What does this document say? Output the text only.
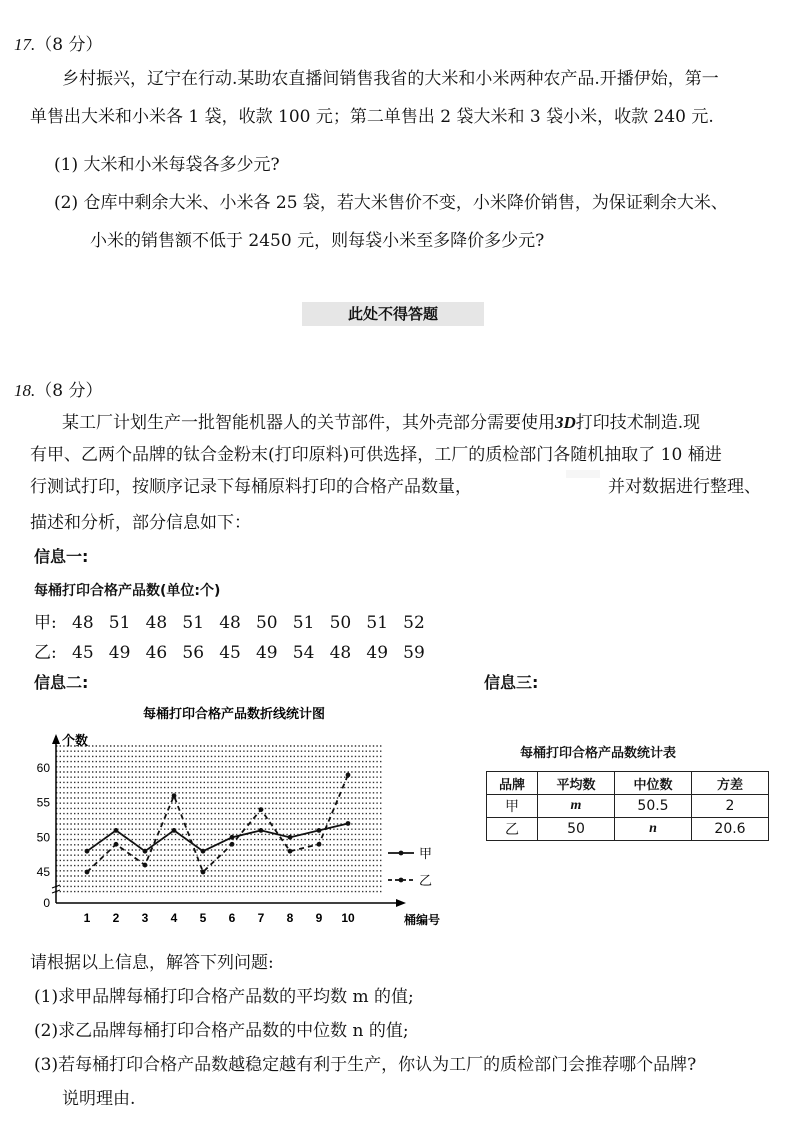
17.（8 分）
乡村振兴，辽宁在行动.某助农直播间销售我省的大米和小米两种农产品.开播伊始，第一
单售出大米和小米各 1 袋，收款 100 元；第二单售出 2 袋大米和 3 袋小米，收款 240 元.
(1) 大米和小米每袋各多少元?
(2) 仓库中剩余大米、小米各 25 袋，若大米售价不变，小米降价销售，为保证剩余大米、
小米的销售额不低于 2450 元，则每袋小米至多降价多少元?
此处不得答题
18.（8 分）
某工厂计划生产一批智能机器人的关节部件，其外壳部分需要使用3D打印技术制造.现
有甲、乙两个品牌的钛合金粉末(打印原料)可供选择，工厂的质检部门各随机抽取了 10 桶进
行测试打印，按顺序记录下每桶原料打印的合格产品数量，	并对数据进行整理、
描述和分析，部分信息如下：
信息一:
每桶打印合格产品数(单位:个)
甲: 48 51 48 51 48 50 51 50 51 52
乙: 45 49 46 56 45 49 54 48 49 59
信息二:	信息三:
每桶打印合格产品数折线统计图
个数
桶编号
0
45
50
55
60
1 2 3 4 5 6 7 8 9 10
甲
乙
每桶打印合格产品数统计表
品牌	平均数	中位数	方差
甲	m	50.5	2
乙	50	n	20.6
请根据以上信息，解答下列问题:
(1)求甲品牌每桶打印合格产品数的平均数 m 的值;
(2)求乙品牌每桶打印合格产品数的中位数 n 的值;
(3)若每桶打印合格产品数越稳定越有利于生产，你认为工厂的质检部门会推荐哪个品牌?
说明理由.
